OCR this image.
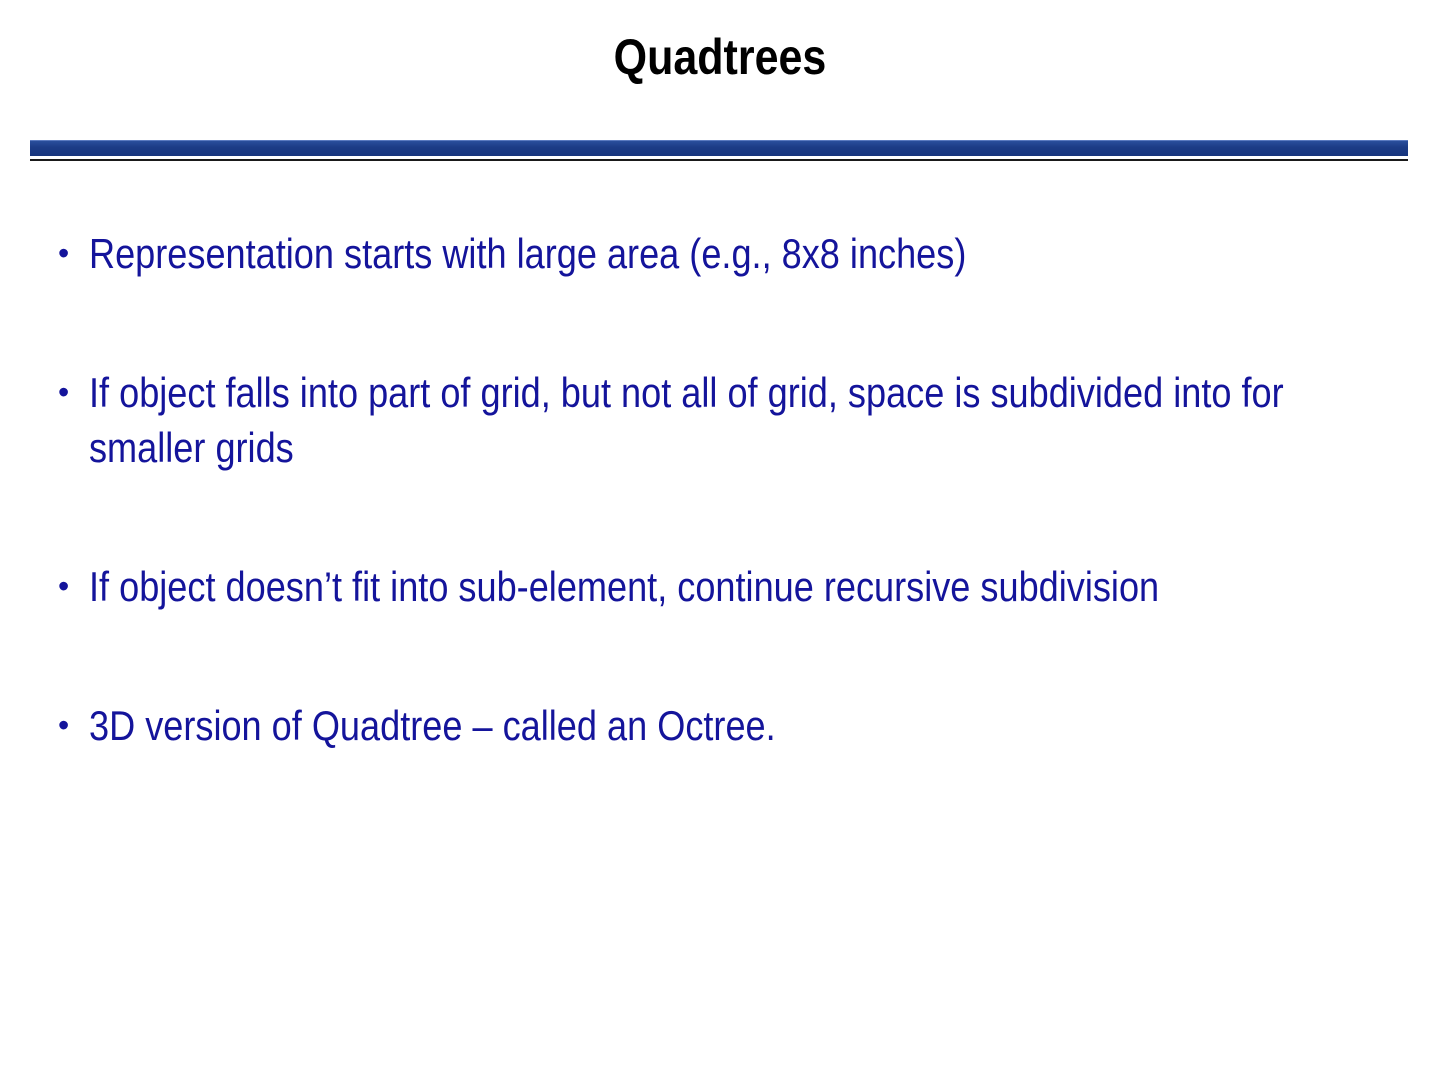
Quadtrees
• Representation starts with large area (e.g., 8x8 inches)
• If object falls into part of grid, but not all of grid, space is subdivided into for smaller grids
• If object doesn’t fit into sub-element, continue recursive subdivision
• 3D version of Quadtree – called an Octree.
